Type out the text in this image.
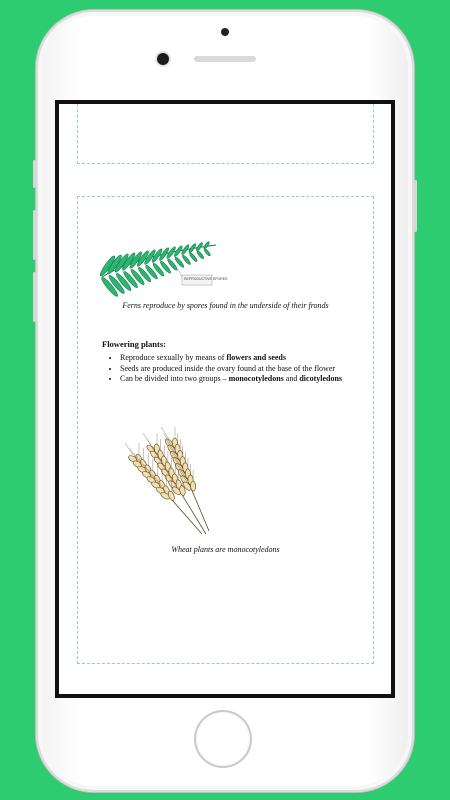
REPRODUCTIVE SPORES
Ferns reproduce by spores found in the underside of their fronds
Flowering plants:
• Reproduce sexually by means of flowers and seeds
• Seeds are produced inside the ovary found at the base of the flower
• Can be divided into two groups – monocotyledons and dicotyledons
Wheat plants are monocotyledons
